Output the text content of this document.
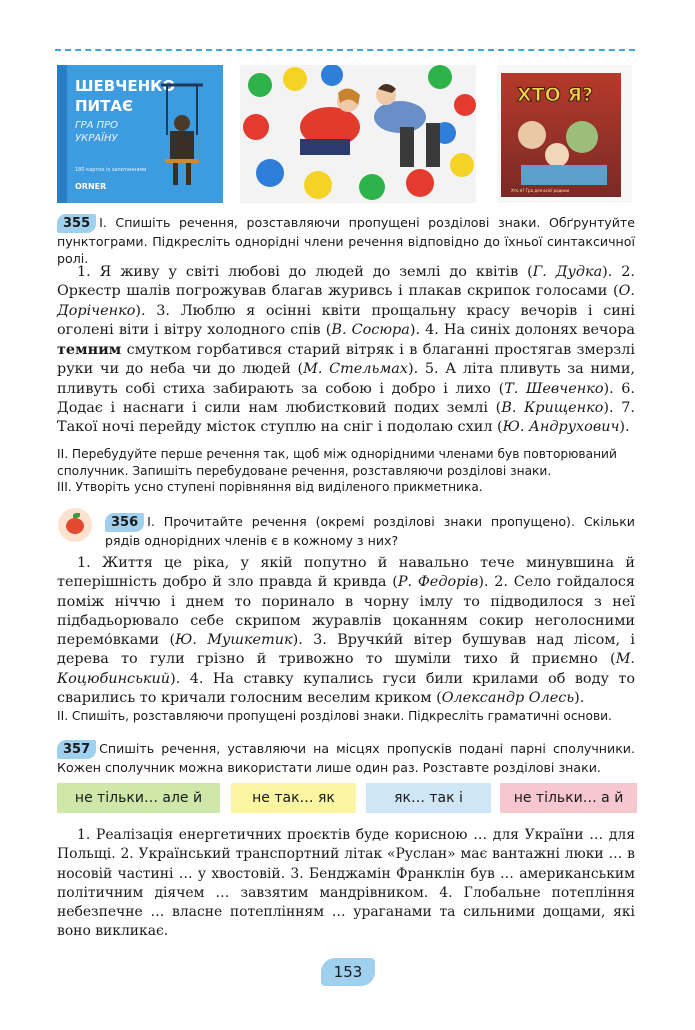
ШЕВЧЕНКО
ПИТАЄ
ГРА ПРО
УКРАЇНУ
180 карток із запитаннями
ORNER
ХТО Я?
Хто я? Гра для всієї родини

355 І. Спишіть речення, розставляючи пропущені розділові знаки. Обґрунтуйте пунктограми. Підкресліть однорідні члени речення відповідно до їхньої синтаксичної ролі.

1. Я живу у світі любові до людей до землі до квітів (Г. Дудка). 2. Оркестр шалів погрожував благав журивсь і плакав скрипок голосами (О. Доріченко). 3. Люблю я осінні квіти прощальну красу вечорів і сині оголені віти і вітру холодного спів (В. Сосюра). 4. На синіх долонях вечора темним смутком горбатився старий вітряк і в благанні простягав змерзлі руки чи до неба чи до людей (М. Стельмах). 5. А літа пливуть за ними, пливуть собі стиха забирають за собою і добро і лихо (Т. Шевченко). 6. Додає і наснаги і сили нам любистковий подих землі (В. Крищенко). 7. Такої ночі перейду місток ступлю на сніг і подолаю схил (Ю. Андрухович).

ІІ. Перебудуйте перше речення так, щоб між однорідними членами був повторюваний сполучник. Запишіть перебудоване речення, розставляючи розділові знаки.

ІІІ. Утворіть усно ступені порівняння від виділеного прикметника.

356 І. Прочитайте речення (окремі розділові знаки пропущено). Скільки рядів однорідних членів є в кожному з них?

1. Життя це ріка, у якій попутно й навально тече минувшина й теперішність добро й зло правда й кривда (Р. Федорів). 2. Село гойдалося поміж ніччю і днем то поринало в чорну імлу то підводилося з неї підбадьорювало себе скрипом журавлів цоканням сокир неголосними перемо́вками (Ю. Мушкетик). 3. Вручки́й вітер бушував над лісом, і дерева то гули грізно й тривожно то шуміли тихо й приємно (М. Коцюбинський). 4. На ставку купались гуси били крилами об воду то сварились то кричали голосним веселим криком (Олександр Олесь).

ІІ. Спишіть, розставляючи пропущені розділові знаки. Підкресліть граматичні основи.

357 Спишіть речення, уставляючи на місцях пропусків подані парні сполучники. Кожен сполучник можна використати лише один раз. Розставте розділові знаки.

не тільки… але й	не так… як	як… так і	не тільки… а й

1. Реалізація енергетичних проєктів буде корисною … для України … для Польщі. 2. Український транспортний літак «Руслан» має вантажні люки … в носовій частині … у хвостовій. 3. Бенджамін Франклін був … американським політичним діячем … завзятим мандрівником. 4. Глобальне потепління небезпечне … власне потеплінням … ураганами та сильними дощами, які воно викликає.

153
